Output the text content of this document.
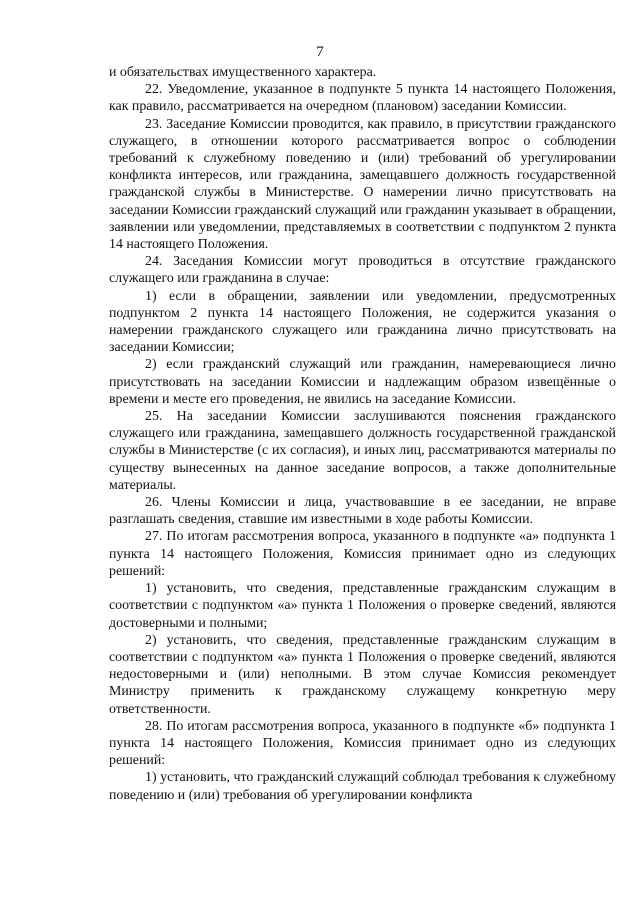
7

и обязательствах имущественного характера.

22. Уведомление, указанное в подпункте 5 пункта 14 настоящего Положения, как правило, рассматривается на очередном (плановом) заседании Комиссии.

23. Заседание Комиссии проводится, как правило, в присутствии гражданского служащего, в отношении которого рассматривается вопрос о соблюдении требований к служебному поведению и (или) требований об урегулировании конфликта интересов, или гражданина, замещавшего должность государственной гражданской службы в Министерстве. О намерении лично присутствовать на заседании Комиссии гражданский служащий или гражданин указывает в обращении, заявлении или уведомлении, представляемых в соответствии с подпунктом 2 пункта 14 настоящего Положения.

24. Заседания Комиссии могут проводиться в отсутствие гражданского служащего или гражданина в случае:

1) если в обращении, заявлении или уведомлении, предусмотренных подпунктом 2 пункта 14 настоящего Положения, не содержится указания о намерении гражданского служащего или гражданина лично присутствовать на заседании Комиссии;

2) если гражданский служащий или гражданин, намеревающиеся лично присутствовать на заседании Комиссии и надлежащим образом извещённые о времени и месте его проведения, не явились на заседание Комиссии.

25. На заседании Комиссии заслушиваются пояснения гражданского служащего или гражданина, замещавшего должность государственной гражданской службы в Министерстве (с их согласия), и иных лиц, рассматриваются материалы по существу вынесенных на данное заседание вопросов, а также дополнительные материалы.

26. Члены Комиссии и лица, участвовавшие в ее заседании, не вправе разглашать сведения, ставшие им известными в ходе работы Комиссии.

27. По итогам рассмотрения вопроса, указанного в подпункте «а» подпункта 1 пункта 14 настоящего Положения, Комиссия принимает одно из следующих решений:

1) установить, что сведения, представленные гражданским служащим в соответствии с подпунктом «а» пункта 1 Положения о проверке сведений, являются достоверными и полными;

2) установить, что сведения, представленные гражданским служащим в соответствии с подпунктом «а» пункта 1 Положения о проверке сведений, являются недостоверными и (или) неполными. В этом случае Комиссия рекомендует Министру применить к гражданскому служащему конкретную меру ответственности.

28. По итогам рассмотрения вопроса, указанного в подпункте «б» подпункта 1 пункта 14 настоящего Положения, Комиссия принимает одно из следующих решений:

1) установить, что гражданский служащий соблюдал требования к служебному поведению и (или) требования об урегулировании конфликта
